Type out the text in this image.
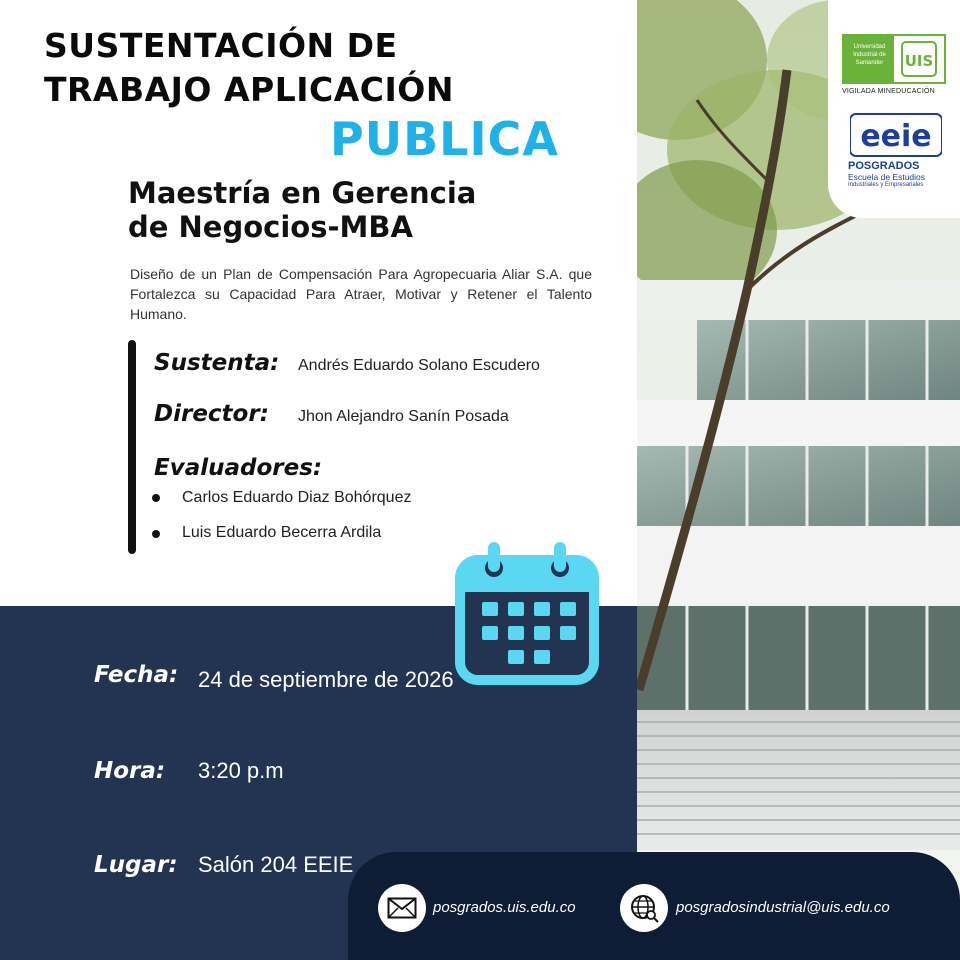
Universidad Industrial de Santander	UIS
VIGILADA MINEDUCACIÓN
eeie
POSGRADOS
Escuela de Estudios
Industriales y Empresariales
SUSTENTACIÓN DE
TRABAJO APLICACIÓN
PUBLICA
Maestría en Gerencia
de Negocios-MBA
Diseño de un Plan de Compensación Para Agropecuaria Aliar S.A. que Fortalezca su Capacidad Para Atraer, Motivar y Retener el Talento Humano.
Sustenta: Andrés Eduardo Solano Escudero
Director: Jhon Alejandro Sanín Posada
Evaluadores:
Carlos Eduardo Diaz Bohórquez
Luis Eduardo Becerra Ardila
Fecha: 24 de septiembre de 2026
Hora: 3:20 p.m
Lugar: Salón 204 EEIE
posgrados.uis.edu.co	posgradosindustrial@uis.edu.co
